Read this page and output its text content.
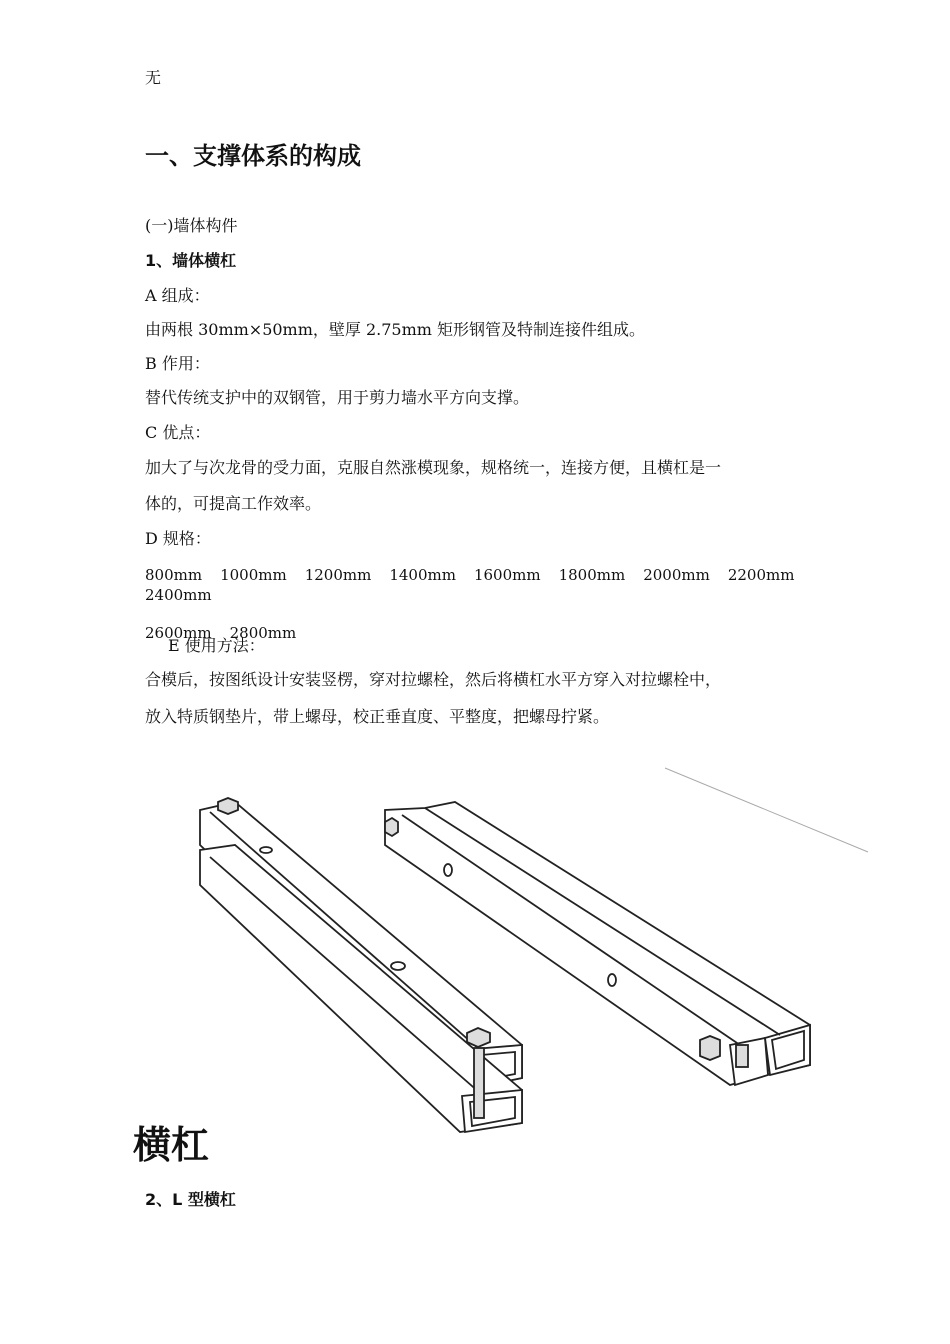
无
一、支撑体系的构成
(一)墙体构件
1、墙体横杠
A 组成：
由两根 30mm×50mm，壁厚 2.75mm 矩形钢管及特制连接件组成。
B 作用：
替代传统支护中的双钢管，用于剪力墙水平方向支撑。
C 优点：
加大了与次龙骨的受力面，克服自然涨模现象，规格统一，连接方便，且横杠是一
体的，可提高工作效率。
D 规格：
800mm 1000mm 1200mm 1400mm 1600mm 1800mm 2000mm 2200mm2400mm
2600mm 2800mm
E 使用方法：
合模后，按图纸设计安装竖楞，穿对拉螺栓，然后将横杠水平方穿入对拉螺栓中，
放入特质钢垫片，带上螺母，校正垂直度、平整度，把螺母拧紧。
横杠
2、L 型横杠
